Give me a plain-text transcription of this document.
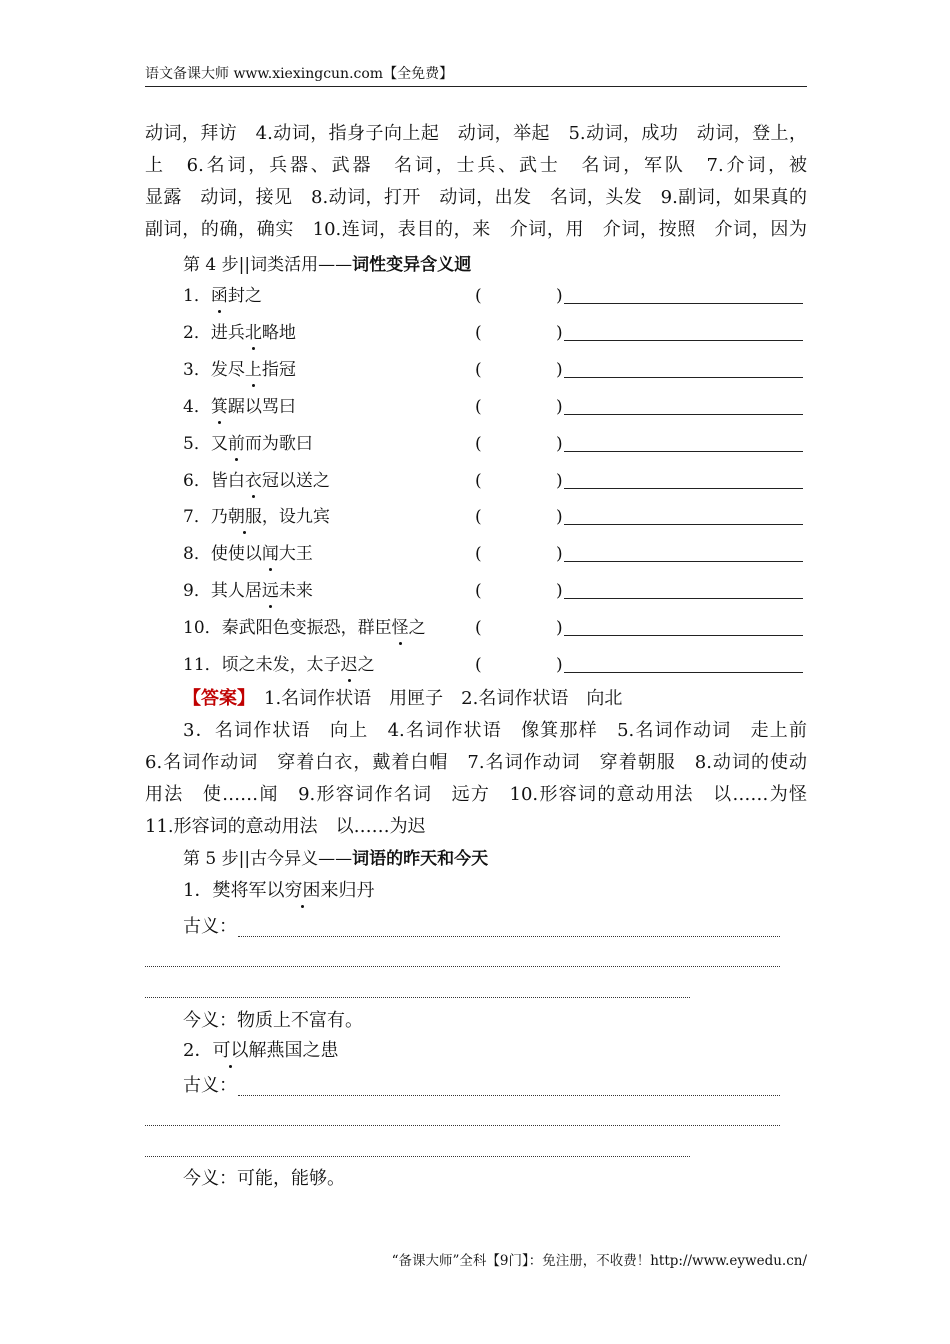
语文备课大师 www.xiexingcun.com【全免费】
动词，拜访　4.动词，指身子向上起　动词，举起　5.动词，成功　动词，登上，
上　6.名词，兵器、武器　名词，士兵、武士　名词，军队　7.介词，被　
显露　动词，接见　8.动词，打开　动词，出发　名词，头发　9.副词，如果真的
副词，的确，确实　10.连词，表目的，来　介词，用　介词，按照　介词，因为
第 4 步||词类活用——词性变异含义迥
1．函封之	(	)
2．进兵北略地	(	)
3．发尽上指冠	(	)
4．箕踞以骂曰	(	)
5．又前而为歌曰	(	)
6．皆白衣冠以送之	(	)
7．乃朝服，设九宾	(	)
8．使使以闻大王	(	)
9．其人居远未来	(	)
10．秦武阳色变振恐，群臣怪之	(	)
11．顷之未发，太子迟之	(	)
【答案】　1.名词作状语　用匣子　2.名词作状语　向北
3．名词作状语　向上　4.名词作状语　像箕那样　5.名词作动词　走上前
6.名词作动词　穿着白衣，戴着白帽　7.名词作动词　穿着朝服　8.动词的使动
用法　使……闻　9.形容词作名词　远方　10.形容词的意动用法　以……为怪
11.形容词的意动用法　以……为迟
第 5 步||古今异义——词语的昨天和今天
1．樊将军以穷困来归丹
古义：
今义：物质上不富有。
2．可以解燕国之患
古义：
今义：可能，能够。
“备课大师”全科【9门】：免注册，不收费！http://www.eywedu.cn/
